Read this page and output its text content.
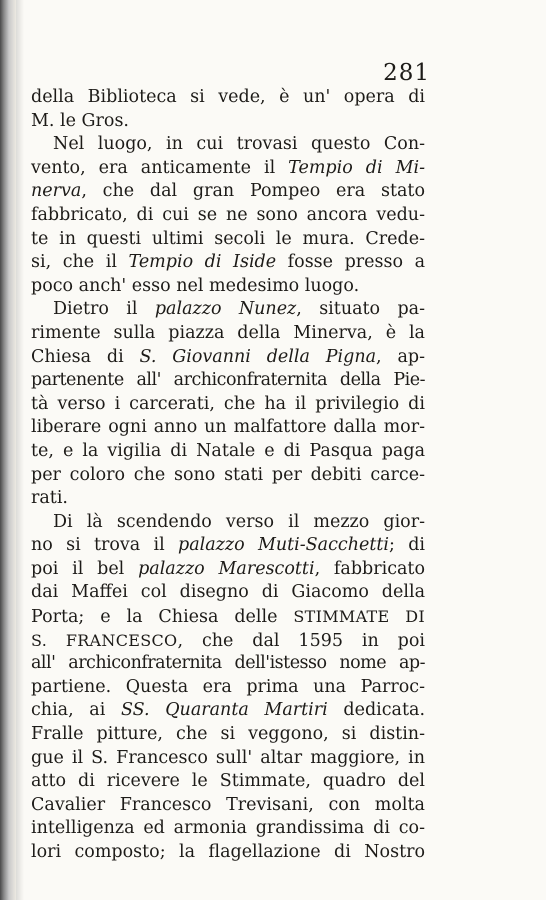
281
della Biblioteca si vede, è un' opera di
M. le Gros.
Nel luogo, in cui trovasi questo Con-
vento, era anticamente il Tempio di Mi-
nerva, che dal gran Pompeo era stato
fabbricato, di cui se ne sono ancora vedu-
te in questi ultimi secoli le mura. Crede-
si, che il Tempio di Iside fosse presso a
poco anch' esso nel medesimo luogo.
Dietro il palazzo Nunez, situato pa-
rimente sulla piazza della Minerva, è la
Chiesa di S. Giovanni della Pigna, ap-
partenente all' archiconfraternita della Pie-
tà verso i carcerati, che ha il privilegio di
liberare ogni anno un malfattore dalla mor-
te, e la vigilia di Natale e di Pasqua paga
per coloro che sono stati per debiti carce-
rati.
Di là scendendo verso il mezzo gior-
no si trova il palazzo Muti-Sacchetti; di
poi il bel palazzo Marescotti, fabbricato
dai Maffei col disegno di Giacomo della
Porta; e la Chiesa delle STIMMATE DI
S. FRANCESCO, che dal 1595 in poi
all' archiconfraternita dell'istesso nome ap-
partiene. Questa era prima una Parroc-
chia, ai SS. Quaranta Martiri dedicata.
Fralle pitture, che si veggono, si distin-
gue il S. Francesco sull' altar maggiore, in
atto di ricevere le Stimmate, quadro del
Cavalier Francesco Trevisani, con molta
intelligenza ed armonia grandissima di co-
lori composto; la flagellazione di Nostro
